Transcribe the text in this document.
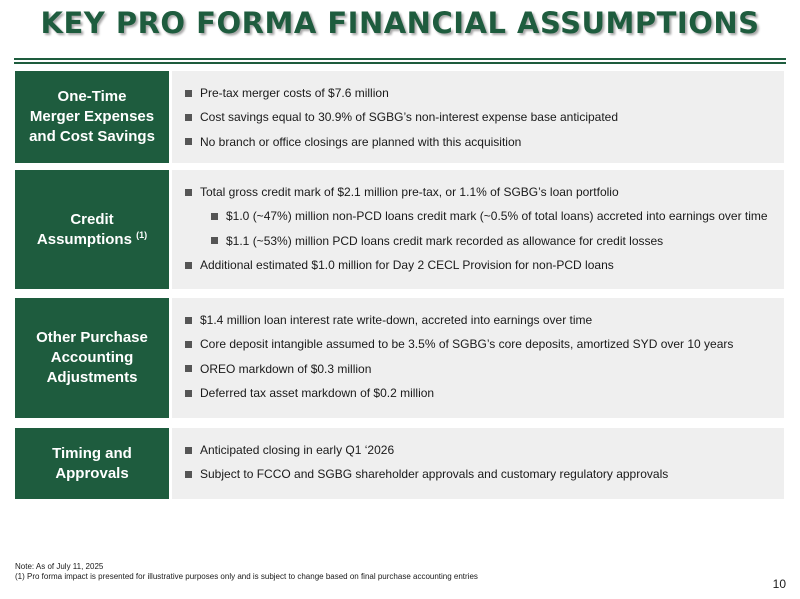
KEY PRO FORMA FINANCIAL ASSUMPTIONS
One-Time
Merger Expenses
and Cost Savings
Pre-tax merger costs of $7.6 million
Cost savings equal to 30.9% of SGBG’s non-interest expense base anticipated
No branch or office closings are planned with this acquisition
Credit
Assumptions $^{(1)}$
Total gross credit mark of $2.1 million pre-tax, or 1.1% of SGBG’s loan portfolio
$1.0 (~47%) million non-PCD loans credit mark (~0.5% of total loans) accreted into earnings over time
$1.1 (~53%) million PCD loans credit mark recorded as allowance for credit losses
Additional estimated $1.0 million for Day 2 CECL Provision for non-PCD loans
Other Purchase
Accounting
Adjustments
$1.4 million loan interest rate write-down, accreted into earnings over time
Core deposit intangible assumed to be 3.5% of SGBG’s core deposits, amortized SYD over 10 years
OREO markdown of $0.3 million
Deferred tax asset markdown of $0.2 million
Timing and
Approvals
Anticipated closing in early Q1 ‘2026
Subject to FCCO and SGBG shareholder approvals and customary regulatory approvals
Note: As of July 11, 2025
(1) Pro forma impact is presented for illustrative purposes only and is subject to change based on final purchase accounting entries
10
